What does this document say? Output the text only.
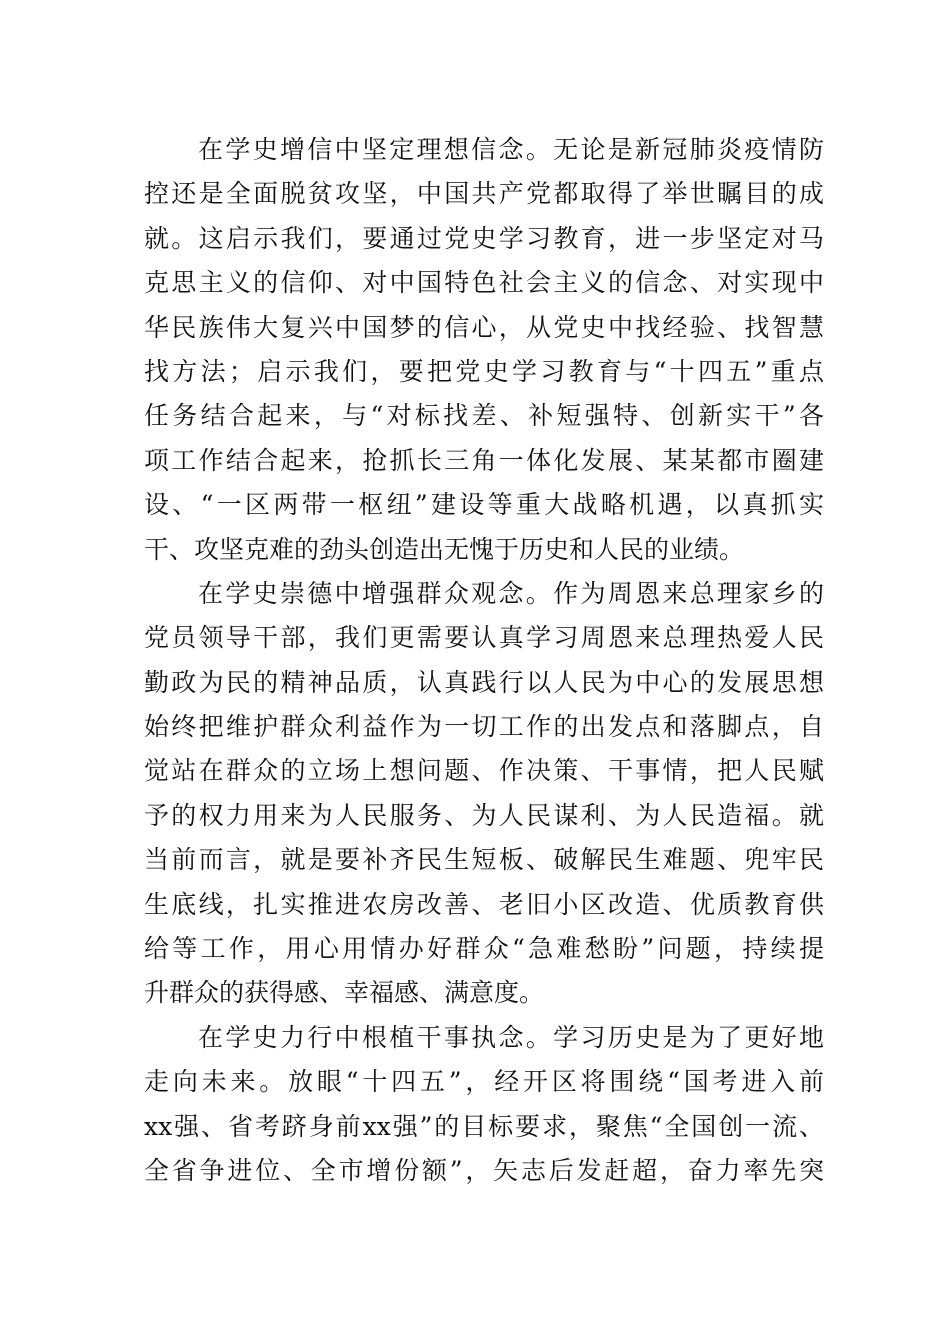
在学史增信中坚定理想信念。无论是新冠肺炎疫情防
控还是全面脱贫攻坚，中国共产党都取得了举世瞩目的成
就。这启示我们，要通过党史学习教育，进一步坚定对马
克思主义的信仰、对中国特色社会主义的信念、对实现中
华民族伟大复兴中国梦的信心，从党史中找经验、找智慧
找方法；启示我们，要把党史学习教育与“十四五”重点
任务结合起来，与“对标找差、补短强特、创新实干”各
项工作结合起来，抢抓长三角一体化发展、某某都市圈建
设、“一区两带一枢纽”建设等重大战略机遇，以真抓实
干、攻坚克难的劲头创造出无愧于历史和人民的业绩。
在学史崇德中增强群众观念。作为周恩来总理家乡的
党员领导干部，我们更需要认真学习周恩来总理热爱人民
勤政为民的精神品质，认真践行以人民为中心的发展思想
始终把维护群众利益作为一切工作的出发点和落脚点，自
觉站在群众的立场上想问题、作决策、干事情，把人民赋
予的权力用来为人民服务、为人民谋利、为人民造福。就
当前而言，就是要补齐民生短板、破解民生难题、兜牢民
生底线，扎实推进农房改善、老旧小区改造、优质教育供
给等工作，用心用情办好群众“急难愁盼”问题，持续提
升群众的获得感、幸福感、满意度。
在学史力行中根植干事执念。学习历史是为了更好地
走向未来。放眼“十四五”，经开区将围绕“国考进入前
xx强、省考跻身前xx强”的目标要求，聚焦“全国创一流、
全省争进位、全市增份额”，矢志后发赶超，奋力率先突
